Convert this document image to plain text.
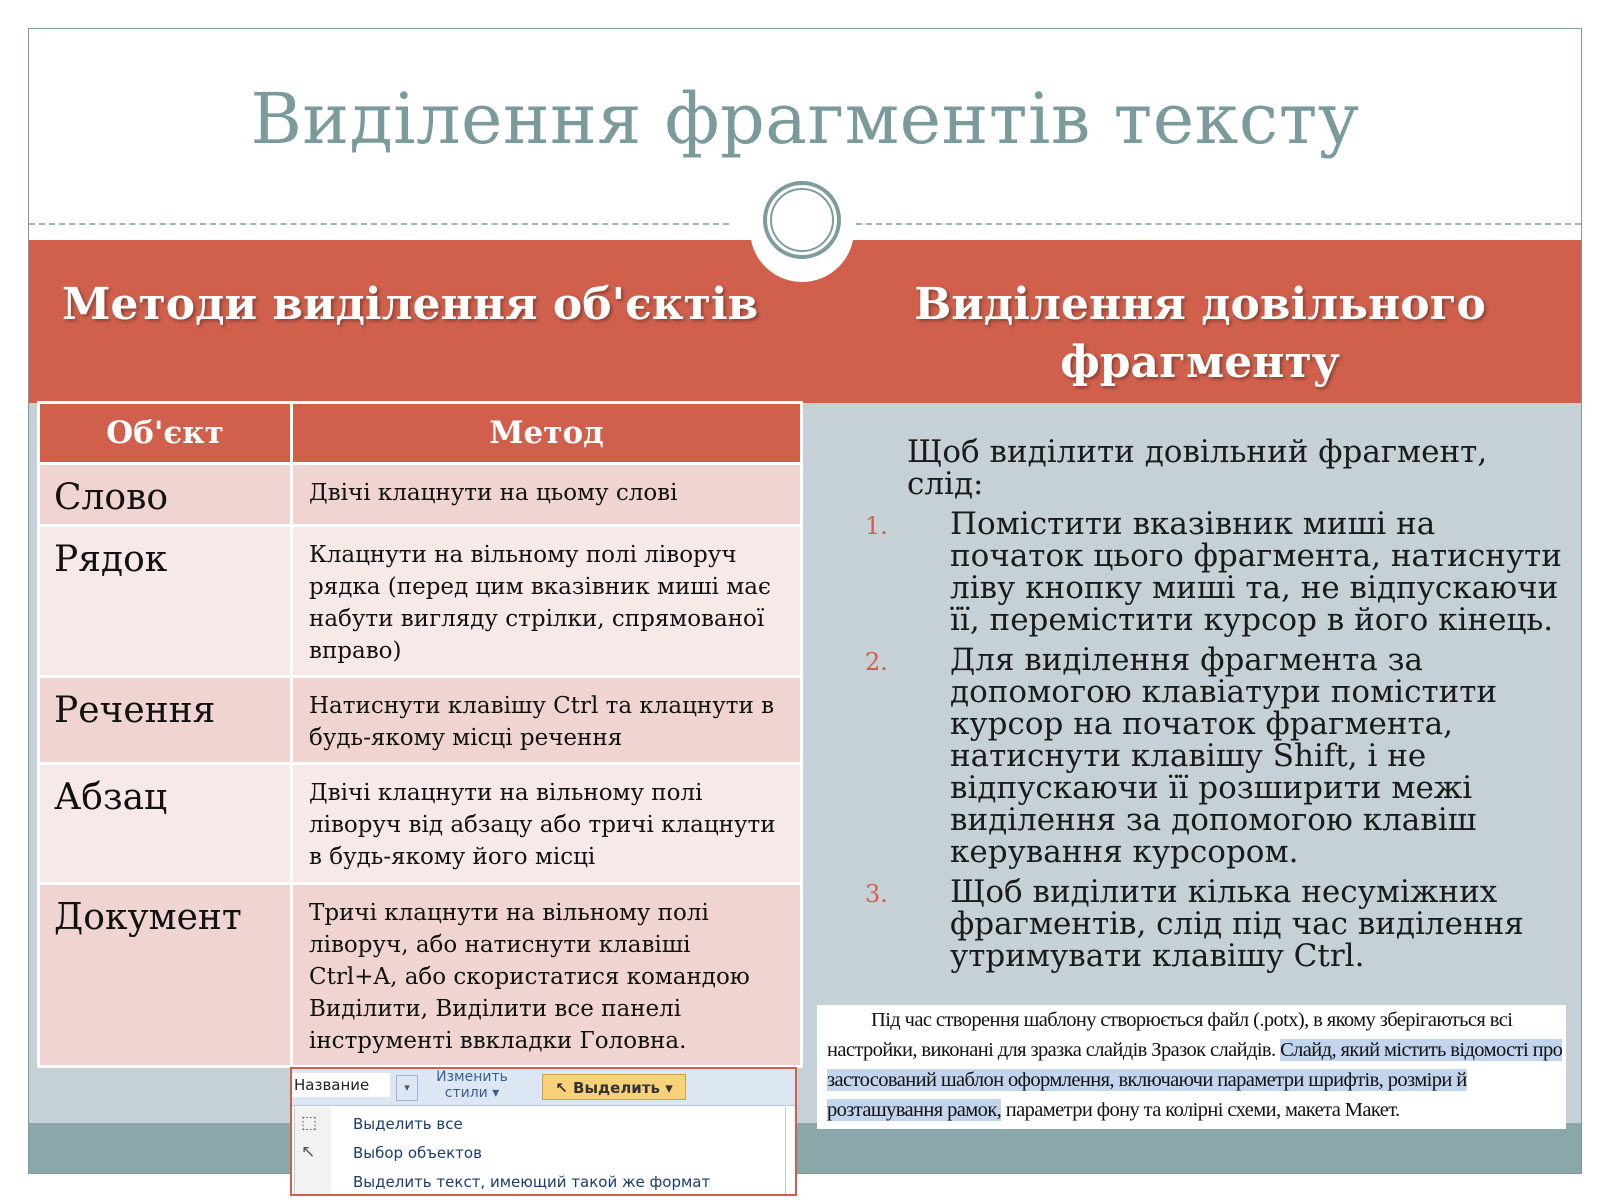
Виділення фрагментів тексту
Методи виділення об'єктів	Виділення довільного фрагменту
Об'єкт	Метод
Слово	Двічі клацнути на цьому слові
Рядок	Клацнути на вільному полі ліворуч рядка (перед цим вказівник миші має набути вигляду стрілки, спрямованої вправо)
Речення	Натиснути клавішу Ctrl та клацнути в будь-якому місці речення
Абзац	Двічі клацнути на вільному полі ліворуч від абзацу або тричі клацнути в будь-якому його місці
Документ	Тричі клацнути на вільному полі ліворуч, або натиснути клавіші Ctrl+A, або скористатися командою Виділити, Виділити все панелі інструменті ввкладки Головна.

Щоб виділити довільний фрагмент, слід:

1. Помістити вказівник миші на початок цього фрагмента, натиснути ліву кнопку миші та, не відпускаючи її, перемістити курсор в його кінець.
2. Для виділення фрагмента за допомогою клавіатури помістити курсор на початок фрагмента, натиснути клавішу Shift, і не відпускаючи її розширити межі виділення за допомогою клавіш керування курсором.
3. Щоб виділити кілька несуміжних фрагментів, слід під час виділення утримувати клавішу Ctrl.
Название	▾
Изменить
стили ▾	↖ Выделить ▾
⬚ Выделить все
↖	Выбор объектов
Выделить текст, имеющий такой же формат
Під час створення шаблону створюється файл (.potx), в якому зберігаються всі
настройки, виконані для зразка слайдів Зразок слайдів. Слайд, який містить відомості про
застосований шаблон оформлення, включаючи параметри шрифтів, розміри й
розташування рамок, параметри фону та колірні схеми, макета Макет.
